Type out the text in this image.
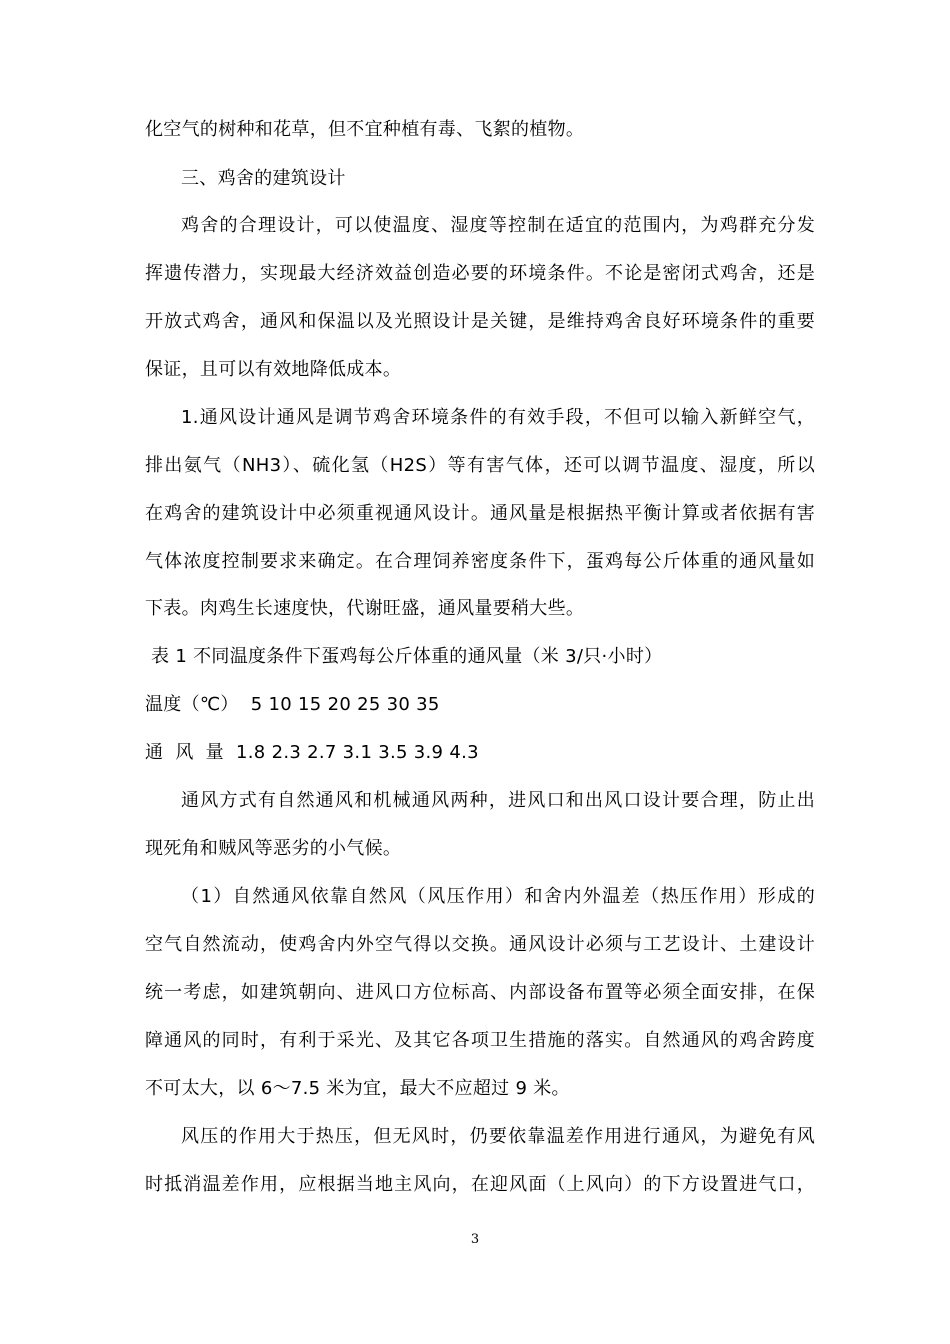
化空气的树种和花草，但不宜种植有毒、飞絮的植物。
三、鸡舍的建筑设计
鸡舍的合理设计，可以使温度、湿度等控制在适宜的范围内，为鸡群充分发
挥遗传潜力，实现最大经济效益创造必要的环境条件。不论是密闭式鸡舍，还是
开放式鸡舍，通风和保温以及光照设计是关键，是维持鸡舍良好环境条件的重要
保证，且可以有效地降低成本。
1.通风设计通风是调节鸡舍环境条件的有效手段，不但可以输入新鲜空气，
排出氨气（NH3）、硫化氢（H2S）等有害气体，还可以调节温度、湿度，所以
在鸡舍的建筑设计中必须重视通风设计。通风量是根据热平衡计算或者依据有害
气体浓度控制要求来确定。在合理饲养密度条件下，蛋鸡每公斤体重的通风量如
下表。肉鸡生长速度快，代谢旺盛，通风量要稍大些。
表 1 不同温度条件下蛋鸡每公斤体重的通风量（米 3/只·小时）
温度（℃）  5 10 15 20 25 30 35
通  风  量  1.8 2.3 2.7 3.1 3.5 3.9 4.3
通风方式有自然通风和机械通风两种，进风口和出风口设计要合理，防止出
现死角和贼风等恶劣的小气候。
（1）自然通风依靠自然风（风压作用）和舍内外温差（热压作用）形成的
空气自然流动，使鸡舍内外空气得以交换。通风设计必须与工艺设计、土建设计
统一考虑，如建筑朝向、进风口方位标高、内部设备布置等必须全面安排，在保
障通风的同时，有利于采光、及其它各项卫生措施的落实。自然通风的鸡舍跨度
不可太大，以 6～7.5 米为宜，最大不应超过 9 米。
风压的作用大于热压，但无风时，仍要依靠温差作用进行通风，为避免有风
时抵消温差作用，应根据当地主风向，在迎风面（上风向）的下方设置进气口，
3
